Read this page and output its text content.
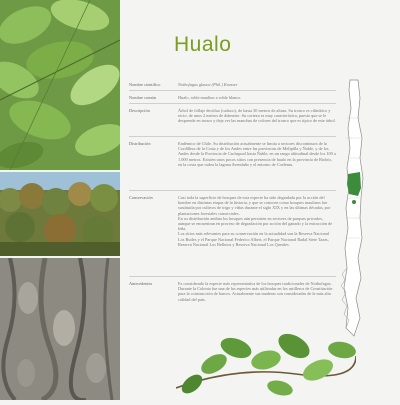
Hualo
Nombre científico	Nothofagus glauca (Phil.) Krasser

Nombre común	Hualo, roble maulino o roble blanco.

Descripción	Árbol de follaje decíduo (caduco), de hasta 30 metros de altura. Su tronco es cilíndrico y recto, de unos 2 metros de diámetro. Su corteza es muy característica, puesto que se le desprende en trozos y deja ver las manchas de colores del tronco que es típico de este árbol.

Distribución	Endémico de Chile. Su distribución actualmente se limita a sectores discontinuos de la Cordillera de la Costa y de los Andes entre las provincias de Melipilla y Ñuble, y de los Andes desde la Provincia de Cachapoal hasta Ñuble, en un rango altitudinal desde los 100 a 1.000 metros. Existen unos pocos sitios con presencia de hualo en la provincia de Biobío, en la costa que rodea la laguna Avendaño y el entorno de Coelemu.

Conservación	Casi toda la superficie de bosques de esta especie ha sido degradada por la acción del hombre en distintas etapas de la historia, y que se conocen como bosques maulinos fue sustituida por cultivos de trigo y viñas durante el siglo XIX y en las últimas décadas, por plantaciones forestales comerciales.

En su distribución andina los bosques aún persisten en sectores de parques privados, aunque se encuentran en proceso de degradación por acción del ganado y la extracción de leña.

Los sitios más relevantes para su conservación en la actualidad son la Reserva Nacional Los Ruiles y el Parque Nacional Federico Albert, el Parque Nacional Radal Siete Tazas, Reserva Nacional Los Bellotos y Reserva Nacional Los Queules.

Antecedentes	Es considerado la especie más representativa de los bosques tradicionales de Nothofagus.

Durante la Colonia fue una de las especies más utilizadas en los astilleros de Constitución para la construcción de barcos. Actualmente sus maderas son consideradas de la más alta calidad del país.
